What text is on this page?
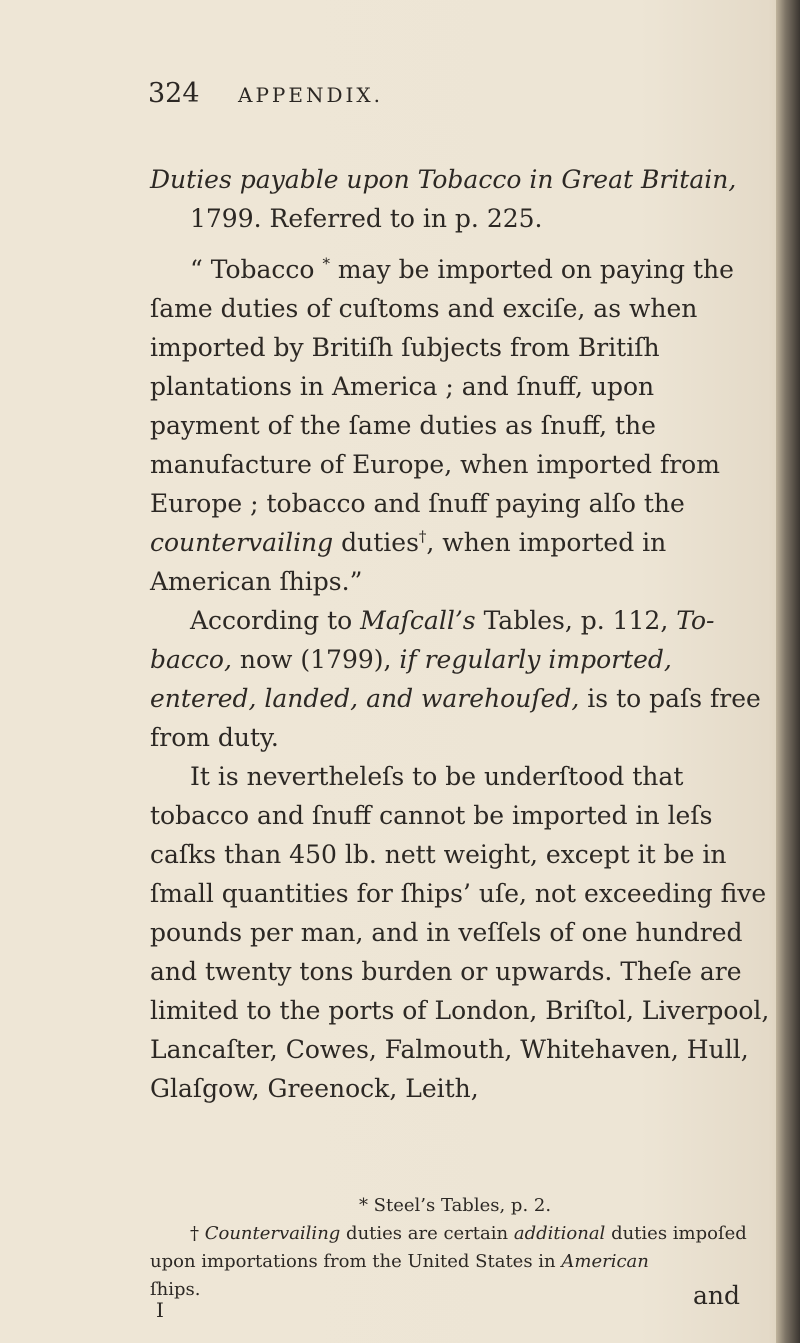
324 APPENDIX.

Duties payable upon Tobacco in Great Britain,

1799. Referred to in p. 225.

“ Tobacco * may be imported on paying the ſame duties of cuſtoms and exciſe, as when imported by Britiſh ſubjects from Britiſh plantations in America ; and ſnuff, upon payment of the ſame duties as ſnuff, the manufacture of Europe, when imported from Europe ; tobacco and ſnuff paying alſo the countervailing duties†, when imported in American ſhips.”

According to Maſcall’s Tables, p. 112, To-bacco, now (1799), if regularly imported, entered, landed, and warehouſed, is to paſs free from duty.

It is nevertheleſs to be underſtood that tobacco and ſnuff cannot be imported in leſs caſks than 450 lb. nett weight, except it be in ſmall quantities for ſhips’ uſe, not exceeding five pounds per man, and in veſſels of one hundred and twenty tons burden or upwards. Theſe are limited to the ports of London, Briſtol, Liverpool, Lancaſter, Cowes, Falmouth, Whitehaven, Hull, Glaſgow, Greenock, Leith,

* Steel’s Tables, p. 2.

† Countervailing duties are certain additional duties impoſed upon importations from the United States in American

ſhips.
I	and
